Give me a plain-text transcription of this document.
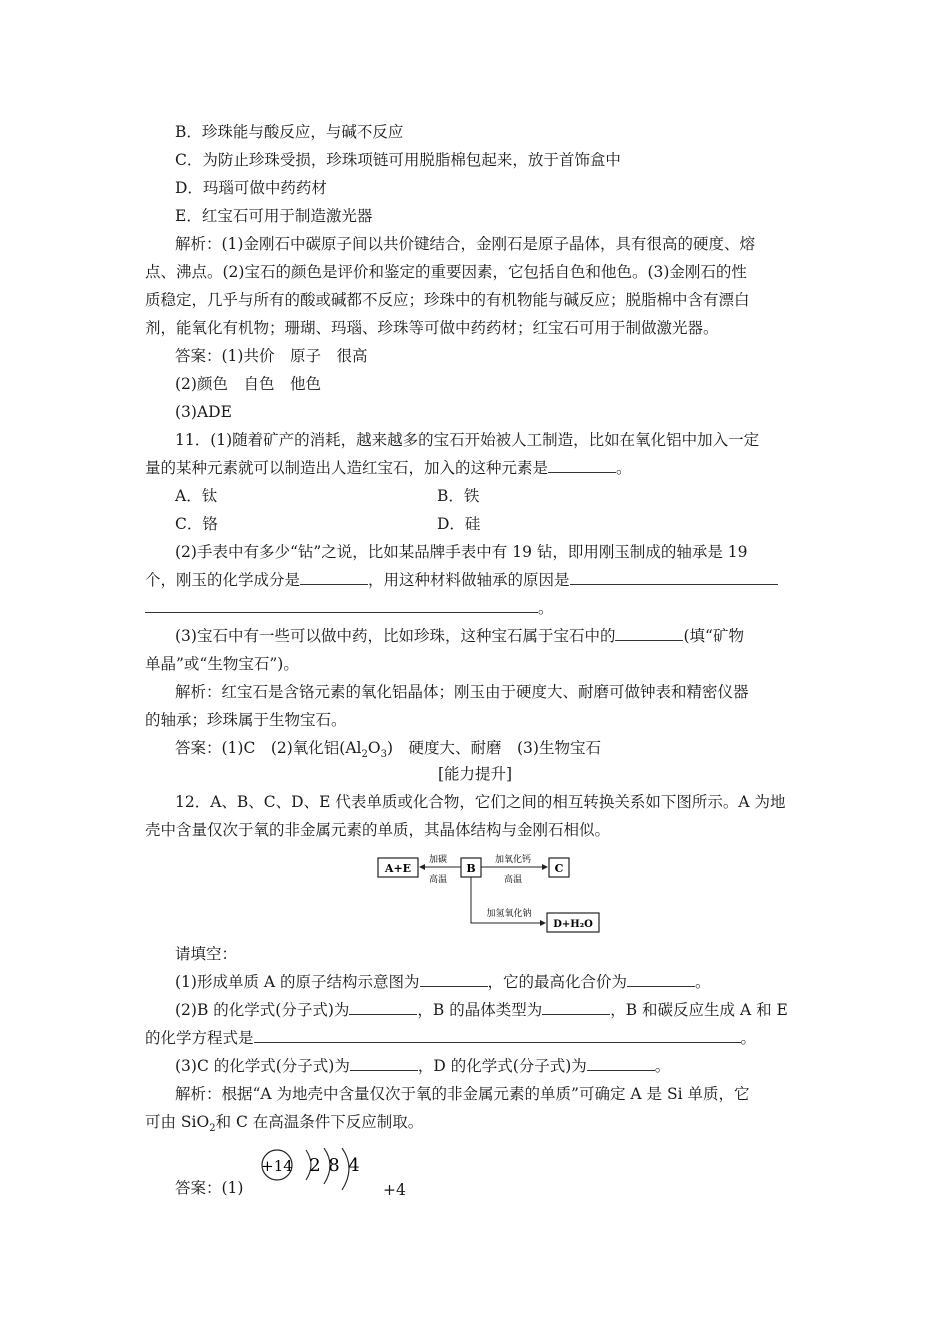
B．珍珠能与酸反应，与碱不反应
C．为防止珍珠受损，珍珠项链可用脱脂棉包起来，放于首饰盒中
D．玛瑙可做中药药材
E．红宝石可用于制造激光器
解析：(1)金刚石中碳原子间以共价键结合，金刚石是原子晶体，具有很高的硬度、熔
点、沸点。(2)宝石的颜色是评价和鉴定的重要因素，它包括自色和他色。(3)金刚石的性
质稳定，几乎与所有的酸或碱都不反应；珍珠中的有机物能与碱反应；脱脂棉中含有漂白
剂，能氧化有机物；珊瑚、玛瑙、珍珠等可做中药药材；红宝石可用于制做激光器。
答案：(1)共价　原子　很高
(2)颜色　自色　他色
(3)ADE
11．(1)随着矿产的消耗，越来越多的宝石开始被人工制造，比如在氧化铝中加入一定
量的某种元素就可以制造出人造红宝石，加入的这种元素是	。
A．钛	B．铁
C．铬	D．硅
(2)手表中有多少“钻”之说，比如某品牌手表中有 19 钻，即用刚玉制成的轴承是 19
个，刚玉的化学成分是	，用这种材料做轴承的原因是
。
(3)宝石中有一些可以做中药，比如珍珠，这种宝石属于宝石中的	(填“矿物
单晶”或“生物宝石”)。
解析：红宝石是含铬元素的氧化铝晶体；刚玉由于硬度大、耐磨可做钟表和精密仪器
的轴承；珍珠属于生物宝石。
答案：(1)C　(2)氧化铝$(Al_2O_3)$　硬度大、耐磨　(3)生物宝石
[能力提升]
12．A、B、C、D、E 代表单质或化合物，它们之间的相互转换关系如下图所示。A 为地
壳中含量仅次于氧的非金属元素的单质，其晶体结构与金刚石相似。
A+E	B	C
D+H₂O
加碳
高温
加氧化钙
高温
加氢氧化钠
请填空：
(1)形成单质 A 的原子结构示意图为	，它的最高化合价为	。
(2)B 的化学式(分子式)为	，B 的晶体类型为	，B 和碳反应生成 A 和 E
的化学方程式是	。
(3)C 的化学式(分子式)为	，D 的化学式(分子式)为	。
解析：根据“A 为地壳中含量仅次于氧的非金属元素的单质”可确定 A 是 Si 单质，它
可由 SiO$_2$和 C 在高温条件下反应制取。
答案：(1)
+14 2 8 4
+4
